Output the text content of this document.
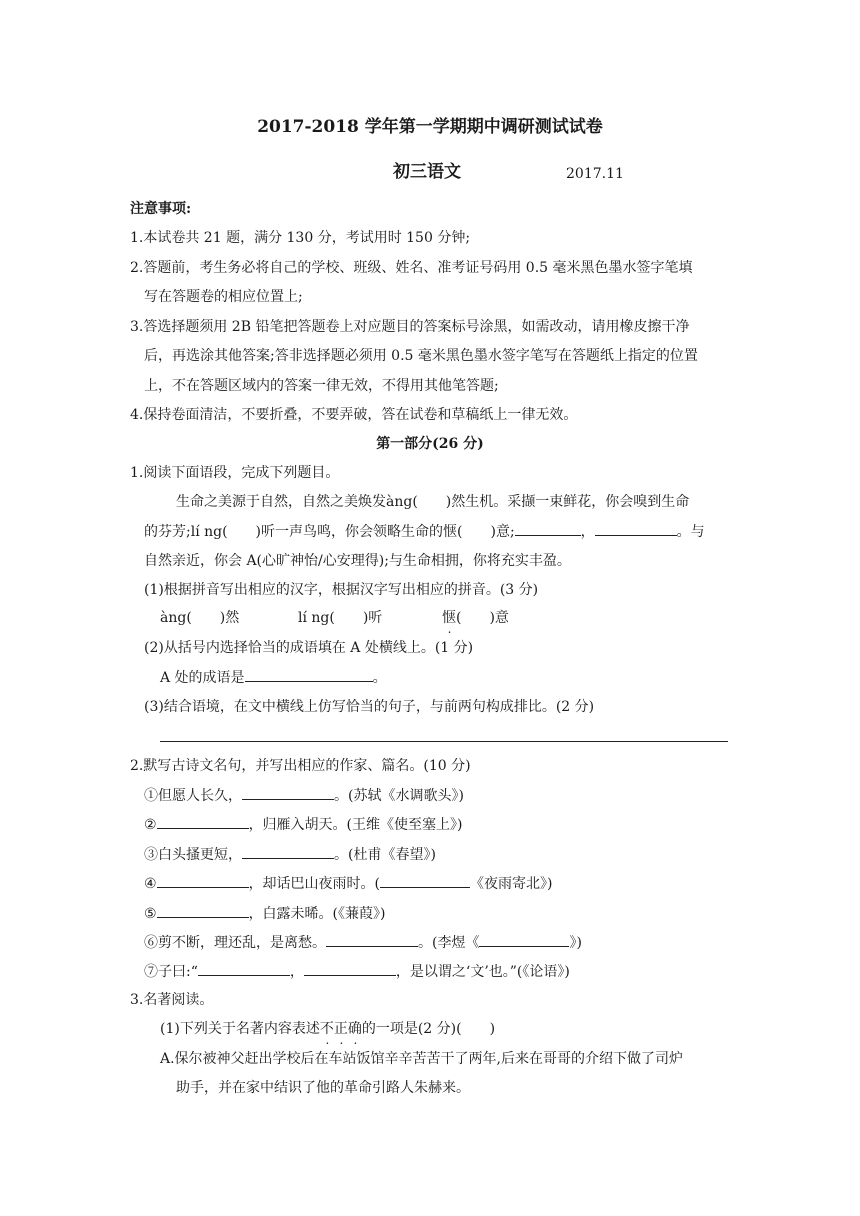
2017-2018 学年第一学期期中调研测试试卷
初三语文	2017.11
注意事项:
1.本试卷共 21 题，满分 130 分，考试用时 150 分钟;
2.答题前，考生务必将自己的学校、班级、姓名、准考证号码用 0.5 毫米黑色墨水签字笔填
写在答题卷的相应位置上;
3.答选择题须用 2B 铅笔把答题卷上对应题目的答案标号涂黑，如需改动，请用橡皮擦干净
后，再选涂其他答案;答非选择题必须用 0.5 毫米黑色墨水签字笔写在答题纸上指定的位置
上，不在答题区域内的答案一律无效，不得用其他笔答题;
4.保持卷面清洁，不要折叠，不要弄破，答在试卷和草稿纸上一律无效。
第一部分(26 分)
1.阅读下面语段，完成下列题目。
生命之美源于自然，自然之美焕发àng(　　)然生机。采撷一束鲜花，你会嗅到生命
的芬芳;lí ng(　　)听一声鸟鸣，你会领略生命的惬(　　)意;	，	。与
自然亲近，你会 A(心旷神怡/心安理得);与生命相拥，你将充实丰盈。
(1)根据拼音写出相应的汉字，根据汉字写出相应的拼音。(3 分)
àng(　　)然	lí ng(　　)听	惬(　　)意
(2)从括号内选择恰当的成语填在 A 处横线上。(1 分)
A 处的成语是	。
(3)结合语境，在文中横线上仿写恰当的句子，与前两句构成排比。(2 分)
2.默写古诗文名句，并写出相应的作家、篇名。(10 分)
①但愿人长久，	。(苏轼《水调歌头》)
②	，归雁入胡天。(王维《使至塞上》)
③白头搔更短，	。(杜甫《春望》)
④	，却话巴山夜雨时。(	《夜雨寄北》)
⑤	，白露未晞。(《蒹葭》)
⑥剪不断，理还乱，是离愁。	。(李煜《	》)
⑦子曰:“	，	，是以谓之‘文’也。”(《论语》)
3.名著阅读。
(1)下列关于名著内容表述不正确的一项是(2 分)(　　)
A.保尔被神父赶出学校后在车站饭馆辛辛苦苦干了两年,后来在哥哥的介绍下做了司炉
助手，并在家中结识了他的革命引路人朱赫来。
